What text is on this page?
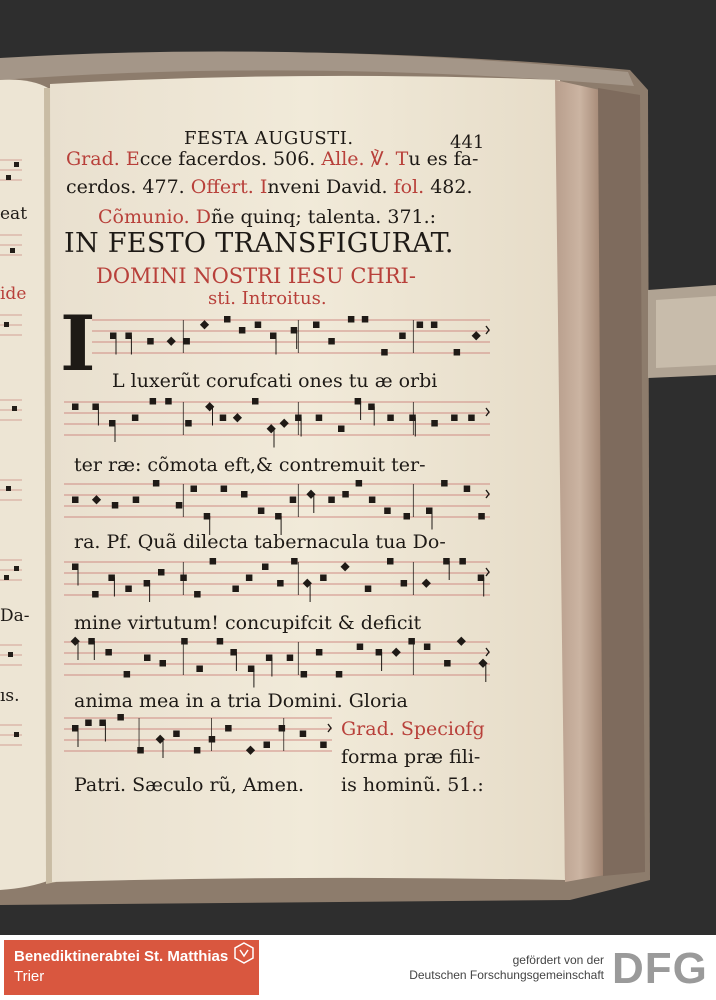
eat
ide
Da-
ıs.
FESTA AUGUSTI.	441
Grad. Ecce facerdos. 506. Alle. ℣. Tu es fa-
cerdos. 477. Offert. Inveni David. fol. 482.
Cõmunio. Dñe quinq; talenta. 371.:
IN FESTO TRANSFIGURAT.
DOMINI NOSTRI IESU CHRI-
sti. Introitus.
I L luxerũt corufcati ones tu æ orbi
ter ræ: cõmota eft,& contremuit ter-
ra. Pf. Quã dilecta tabernacula tua Do-
mine virtutum! concupifcit & deficit
anima mea in a tria Domini. Gloria
Patri. Sæculo rũ, Amen.
Grad. Speciofg
forma præ fili-
is hominũ. 51.:
Benediktinerabtei St. Matthias
Trier
gefördert von der
Deutschen Forschungsgemeinschaft DFG
